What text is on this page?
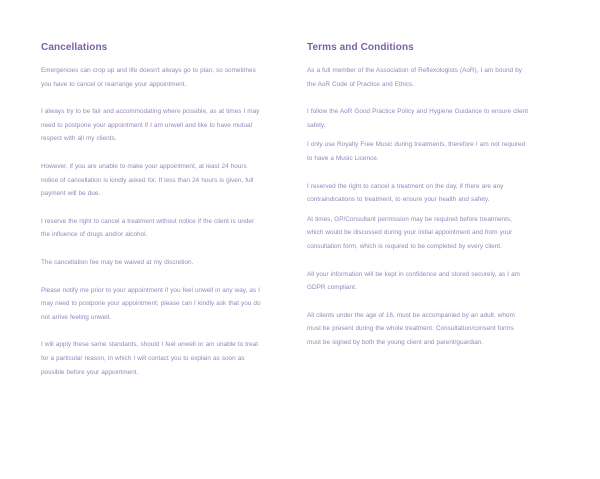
Cancellations

Emergencies can crop up and life doesn't always go to plan, so sometimes you have to cancel or rearrange your appointment.

I always try to be fair and accommodating where possible, as at times I may need to postpone your appointment if I am unwell and like to have mutual respect with all my clients.

However, if you are unable to make your appointment, at least 24 hours notice of cancellation is kindly asked for. If less than 24 hours is given, full payment will be due.

I reserve the right to cancel a treatment without notice if the client is under the influence of drugs and/or alcohol.

The cancellation fee may be waived at my discretion.

Please notify me prior to your appointment if you feel unwell in any way, as I may need to postpone your appointment; please can I kindly ask that you do not arrive feeling unwell.

I will apply these same standards, should I feel unwell or am unable to treat for a particular reason, in which I will contact you to explain as soon as possible before your appointment.

Terms and Conditions

As a full member of the Association of Reflexologists (AoR), I am bound by the AoR Code of Practice and Ethics.

I follow the AoR Good Practice Policy and Hygiene Guidance to ensure client safety.

I only use Royalty Free Music during treatments, therefore I am not required to have a Music Licence.

I reserved the right to cancel a treatment on the day, if there are any contraindications to treatment, to ensure your health and safety.

At times, GP/Consultant permission may be required before treatments, which would be discussed during your initial appointment and from your consultation form, which is required to be completed by every client.

All your information will be kept in confidence and stored securely, as I am GDPR compliant.

All clients under the age of 16, must be accompanied by an adult, whom must be present during the whole treatment. Consultation/consent forms must be signed by both the young client and parent/guardian.
